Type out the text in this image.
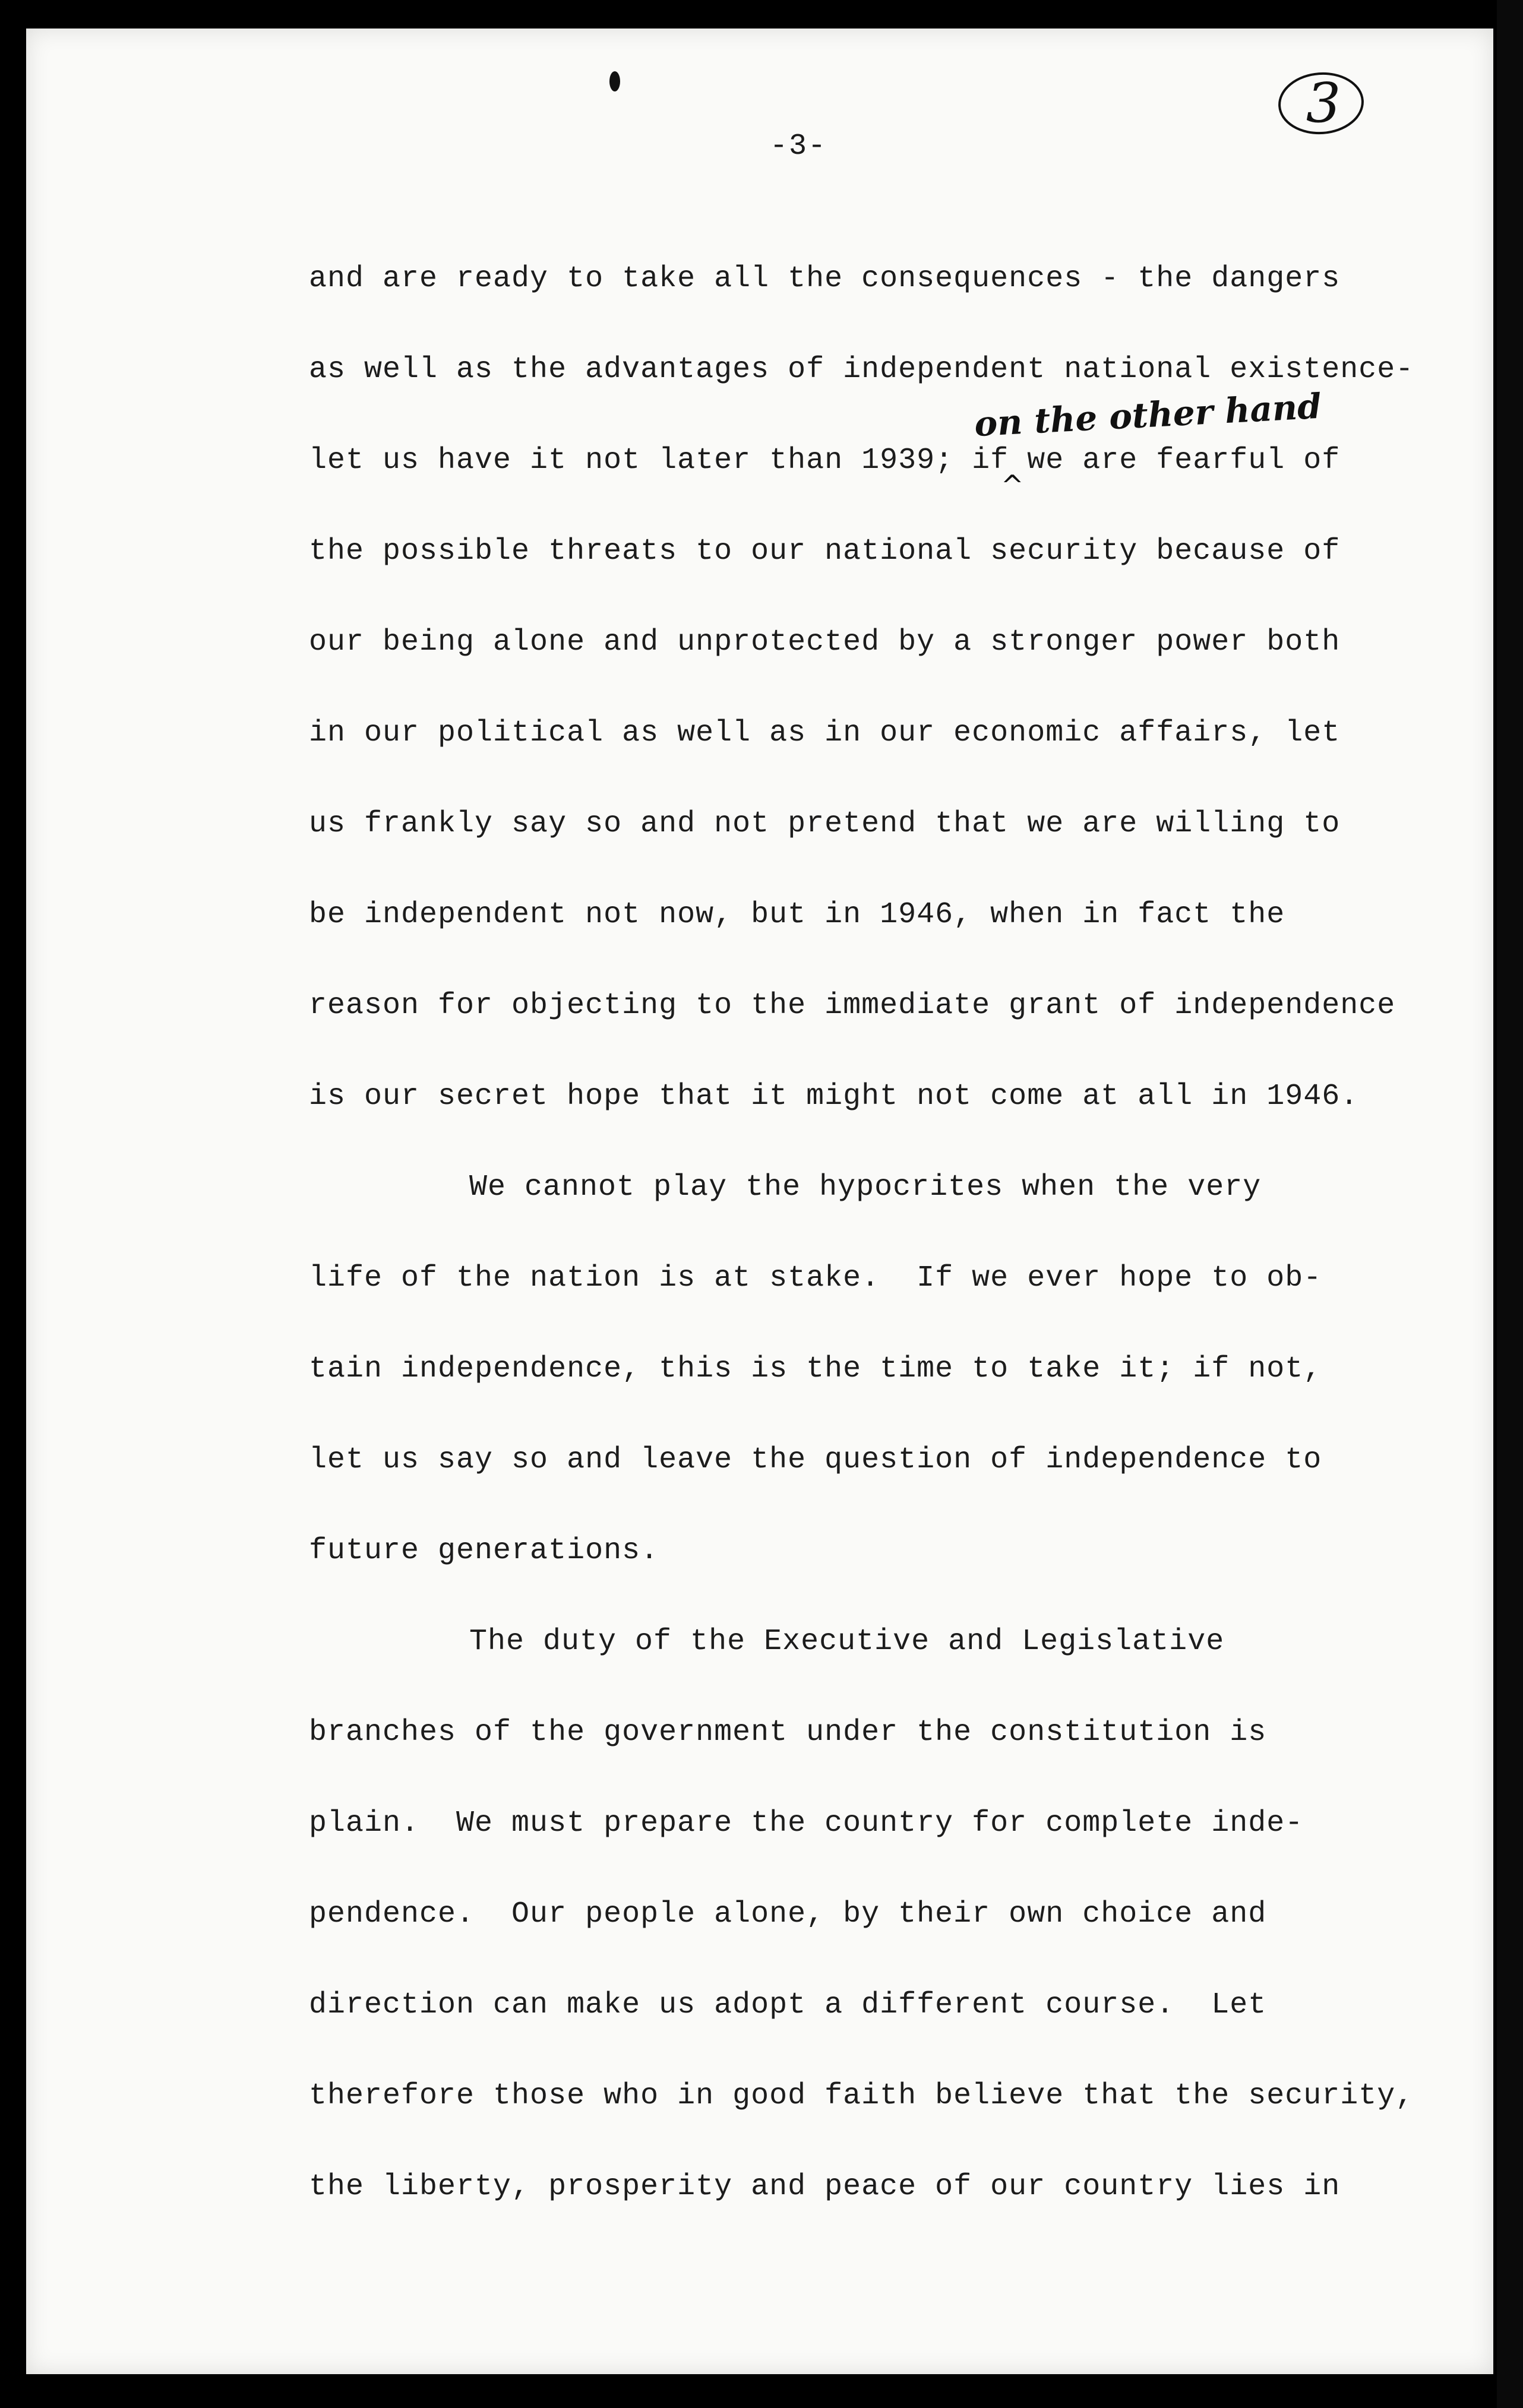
-3-
3
on the other hand
^
and are ready to take all the consequences - the dangers
as well as the advantages of independent national existence-
let us have it not later than 1939; if we are fearful of
the possible threats to our national security because of
our being alone and unprotected by a stronger power both
in our political as well as in our economic affairs, let
us frankly say so and not pretend that we are willing to
be independent not now, but in 1946, when in fact the
reason for objecting to the immediate grant of independence
is our secret hope that it might not come at all in 1946.
We cannot play the hypocrites when the very
life of the nation is at stake.  If we ever hope to ob-
tain independence, this is the time to take it; if not,
let us say so and leave the question of independence to
future generations.
The duty of the Executive and Legislative
branches of the government under the constitution is
plain.  We must prepare the country for complete inde-
pendence.  Our people alone, by their own choice and
direction can make us adopt a different course.  Let
therefore those who in good faith believe that the security,
the liberty, prosperity and peace of our country lies in
